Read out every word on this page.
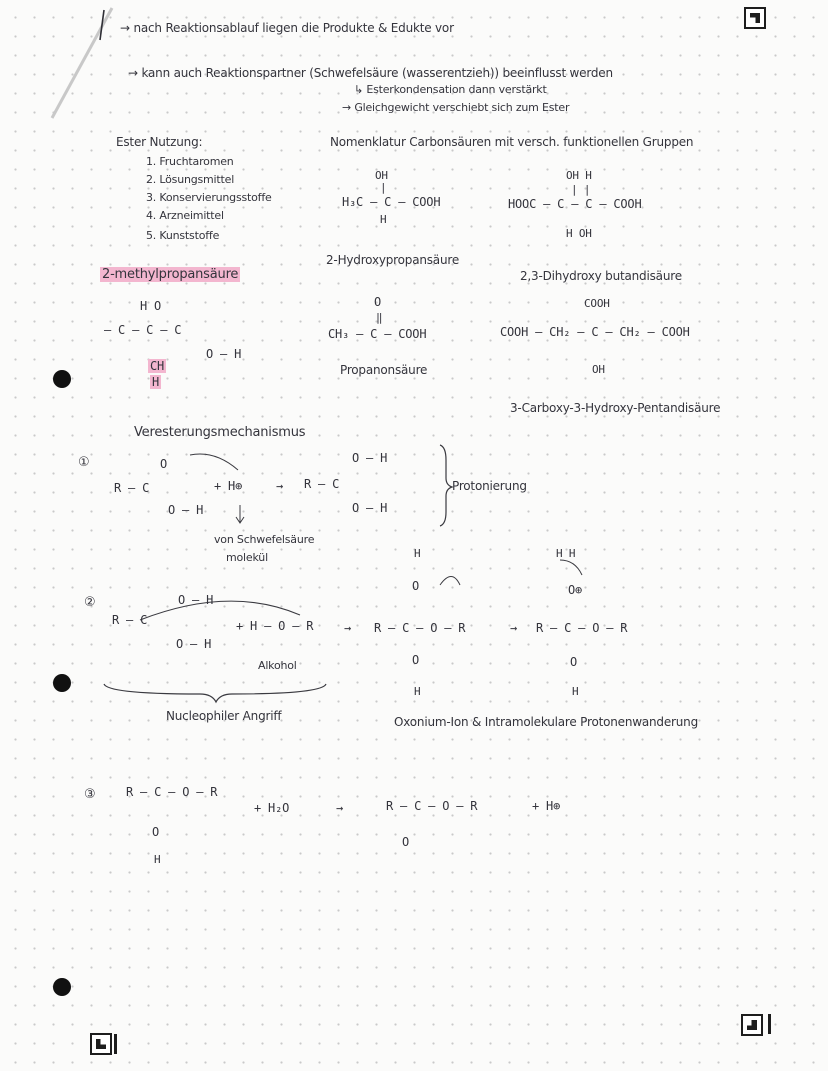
→ nach Reaktionsablauf liegen die Produkte & Edukte vor
→ kann auch Reaktionspartner (Schwefelsäure (wasserentzieh)) beeinflusst werden
↳ Esterkondensation dann verstärkt
→ Gleichgewicht verschiebt sich zum Ester
Ester Nutzung:
1. Fruchtaromen
2. Lösungsmittel
3. Konservierungsstoffe
4. Arzneimittel
5. Kunststoffe
Nomenklatur Carbonsäuren mit versch. funktionellen Gruppen
OH
|
H₃C — C — COOH
H
2-Hydroxypropansäure
OH H
| |
HOOC — C — C — COOH
H OH
2,3-Dihydroxy butandisäure
2-methylpropansäure
H O
— C — C — C
O — H
CH
H
O
‖
CH₃ — C — COOH
Propanonsäure
COOH
COOH — CH₂ — C — CH₂ — COOH
OH
3-Carboxy-3-Hydroxy-Pentandisäure
Veresterungsmechanismus
①	O
R — C
O — H
+ H⊕	→
O — H
R — C
O — H
Protonierung
von Schwefelsäure
molekül
②	O — H
R — C
O — H
+ H — O — R
Alkohol
Nucleophiler Angriff
→
H
O
R — C — O — R
O
H
→
H H
O⊕
R — C — O — R
O
H
Oxonium-Ion & Intramolekulare Protonenwanderung
③	R — C — O — R
O
H
+ H₂O	→	R — C — O — R
O
+ H⊕
